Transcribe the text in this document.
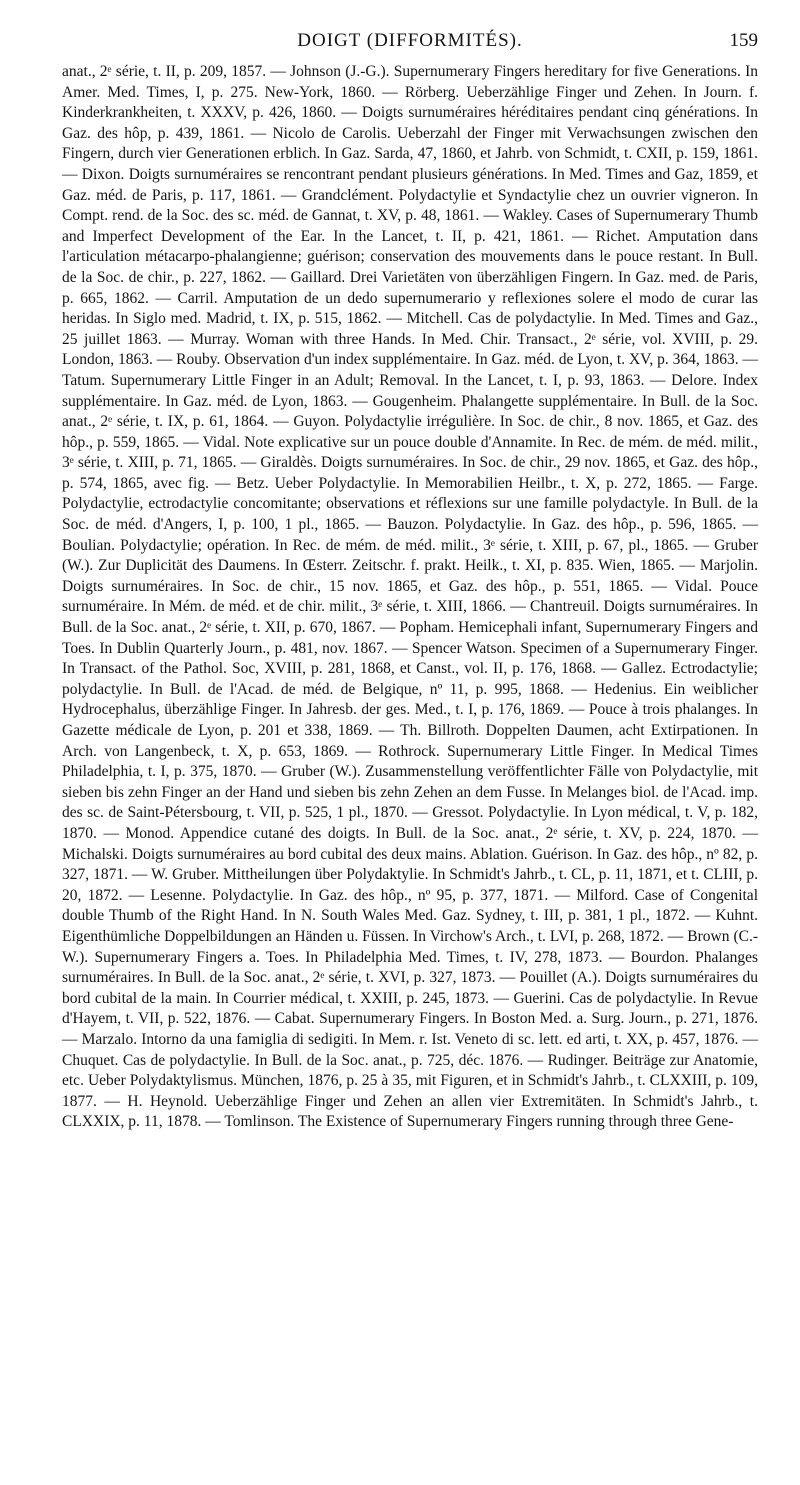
DOIGT (DIFFORMITÉS).	159

anat., 2ᵉ série, t. II, p. 209, 1857. — Johnson (J.-G.). Supernumerary Fingers hereditary for five Generations. In Amer. Med. Times, I, p. 275. New-York, 1860. — Rörberg. Ueberzählige Finger und Zehen. In Journ. f. Kinderkrankheiten, t. XXXV, p. 426, 1860. — Doigts surnuméraires héréditaires pendant cinq générations. In Gaz. des hôp, p. 439, 1861. — Nicolo de Carolis. Ueberzahl der Finger mit Verwachsungen zwischen den Fingern, durch vier Generationen erblich. In Gaz. Sarda, 47, 1860, et Jahrb. von Schmidt, t. CXII, p. 159, 1861. — Dixon. Doigts surnuméraires se rencontrant pendant plusieurs générations. In Med. Times and Gaz, 1859, et Gaz. méd. de Paris, p. 117, 1861. — Grandclément. Polydactylie et Syndactylie chez un ouvrier vigneron. In Compt. rend. de la Soc. des sc. méd. de Gannat, t. XV, p. 48, 1861. — Wakley. Cases of Supernumerary Thumb and Imperfect Development of the Ear. In the Lancet, t. II, p. 421, 1861. — Richet. Amputation dans l'articulation métacarpo-phalangienne; guérison; conservation des mouvements dans le pouce restant. In Bull. de la Soc. de chir., p. 227, 1862. — Gaillard. Drei Varietäten von überzähligen Fingern. In Gaz. med. de Paris, p. 665, 1862. — Carril. Amputation de un dedo supernumerario y reflexiones solere el modo de curar las heridas. In Siglo med. Madrid, t. IX, p. 515, 1862. — Mitchell. Cas de polydactylie. In Med. Times and Gaz., 25 juillet 1863. — Murray. Woman with three Hands. In Med. Chir. Transact., 2ᵉ série, vol. XVIII, p. 29. London, 1863. — Rouby. Observation d'un index supplémentaire. In Gaz. méd. de Lyon, t. XV, p. 364, 1863. — Tatum. Supernumerary Little Finger in an Adult; Removal. In the Lancet, t. I, p. 93, 1863. — Delore. Index supplémentaire. In Gaz. méd. de Lyon, 1863. — Gougenheim. Phalangette supplémentaire. In Bull. de la Soc. anat., 2ᵉ série, t. IX, p. 61, 1864. — Guyon. Polydactylie irrégulière. In Soc. de chir., 8 nov. 1865, et Gaz. des hôp., p. 559, 1865. — Vidal. Note explicative sur un pouce double d'Annamite. In Rec. de mém. de méd. milit., 3ᵉ série, t. XIII, p. 71, 1865. — Giraldès. Doigts surnuméraires. In Soc. de chir., 29 nov. 1865, et Gaz. des hôp., p. 574, 1865, avec fig. — Betz. Ueber Polydactylie. In Memorabilien Heilbr., t. X, p. 272, 1865. — Farge. Polydactylie, ectrodactylie concomitante; observations et réflexions sur une famille polydactyle. In Bull. de la Soc. de méd. d'Angers, I, p. 100, 1 pl., 1865. — Bauzon. Polydactylie. In Gaz. des hôp., p. 596, 1865. — Boulian. Polydactylie; opération. In Rec. de mém. de méd. milit., 3ᵉ série, t. XIII, p. 67, pl., 1865. — Gruber (W.). Zur Duplicität des Daumens. In Œsterr. Zeitschr. f. prakt. Heilk., t. XI, p. 835. Wien, 1865. — Marjolin. Doigts surnuméraires. In Soc. de chir., 15 nov. 1865, et Gaz. des hôp., p. 551, 1865. — Vidal. Pouce surnuméraire. In Mém. de méd. et de chir. milit., 3ᵉ série, t. XIII, 1866. — Chantreuil. Doigts surnuméraires. In Bull. de la Soc. anat., 2ᵉ série, t. XII, p. 670, 1867. — Popham. Hemicephali infant, Supernumerary Fingers and Toes. In Dublin Quarterly Journ., p. 481, nov. 1867. — Spencer Watson. Specimen of a Supernumerary Finger. In Transact. of the Pathol. Soc, XVIII, p. 281, 1868, et Canst., vol. II, p. 176, 1868. — Gallez. Ectrodactylie; polydactylie. In Bull. de l'Acad. de méd. de Belgique, nº 11, p. 995, 1868. — Hedenius. Ein weiblicher Hydrocephalus, überzählige Finger. In Jahresb. der ges. Med., t. I, p. 176, 1869. — Pouce à trois phalanges. In Gazette médicale de Lyon, p. 201 et 338, 1869. — Th. Billroth. Doppelten Daumen, acht Extirpationen. In Arch. von Langenbeck, t. X, p. 653, 1869. — Rothrock. Supernumerary Little Finger. In Medical Times Philadelphia, t. I, p. 375, 1870. — Gruber (W.). Zusammenstellung veröffentlichter Fälle von Polydactylie, mit sieben bis zehn Finger an der Hand und sieben bis zehn Zehen an dem Fusse. In Melanges biol. de l'Acad. imp. des sc. de Saint-Pétersbourg, t. VII, p. 525, 1 pl., 1870. — Gressot. Polydactylie. In Lyon médical, t. V, p. 182, 1870. — Monod. Appendice cutané des doigts. In Bull. de la Soc. anat., 2ᵉ série, t. XV, p. 224, 1870. — Michalski. Doigts surnuméraires au bord cubital des deux mains. Ablation. Guérison. In Gaz. des hôp., nº 82, p. 327, 1871. — W. Gruber. Mittheilungen über Polydaktylie. In Schmidt's Jahrb., t. CL, p. 11, 1871, et t. CLIII, p. 20, 1872. — Lesenne. Polydactylie. In Gaz. des hôp., nº 95, p. 377, 1871. — Milford. Case of Congenital double Thumb of the Right Hand. In N. South Wales Med. Gaz. Sydney, t. III, p. 381, 1 pl., 1872. — Kuhnt. Eigenthümliche Doppelbildungen an Händen u. Füssen. In Virchow's Arch., t. LVI, p. 268, 1872. — Brown (C.-W.). Supernumerary Fingers a. Toes. In Philadelphia Med. Times, t. IV, 278, 1873. — Bourdon. Phalanges surnuméraires. In Bull. de la Soc. anat., 2ᵉ série, t. XVI, p. 327, 1873. — Pouillet (A.). Doigts surnuméraires du bord cubital de la main. In Courrier médical, t. XXIII, p. 245, 1873. — Guerini. Cas de polydactylie. In Revue d'Hayem, t. VII, p. 522, 1876. — Cabat. Supernumerary Fingers. In Boston Med. a. Surg. Journ., p. 271, 1876. — Marzalo. Intorno da una famiglia di sedigiti. In Mem. r. Ist. Veneto di sc. lett. ed arti, t. XX, p. 457, 1876. — Chuquet. Cas de polydactylie. In Bull. de la Soc. anat., p. 725, déc. 1876. — Rudinger. Beiträge zur Anatomie, etc. Ueber Polydaktylismus. München, 1876, p. 25 à 35, mit Figuren, et in Schmidt's Jahrb., t. CLXXIII, p. 109, 1877. — H. Heynold. Ueberzählige Finger und Zehen an allen vier Extremitäten. In Schmidt's Jahrb., t. CLXXIX, p. 11, 1878. — Tomlinson. The Existence of Supernumerary Fingers running through three Gene-
